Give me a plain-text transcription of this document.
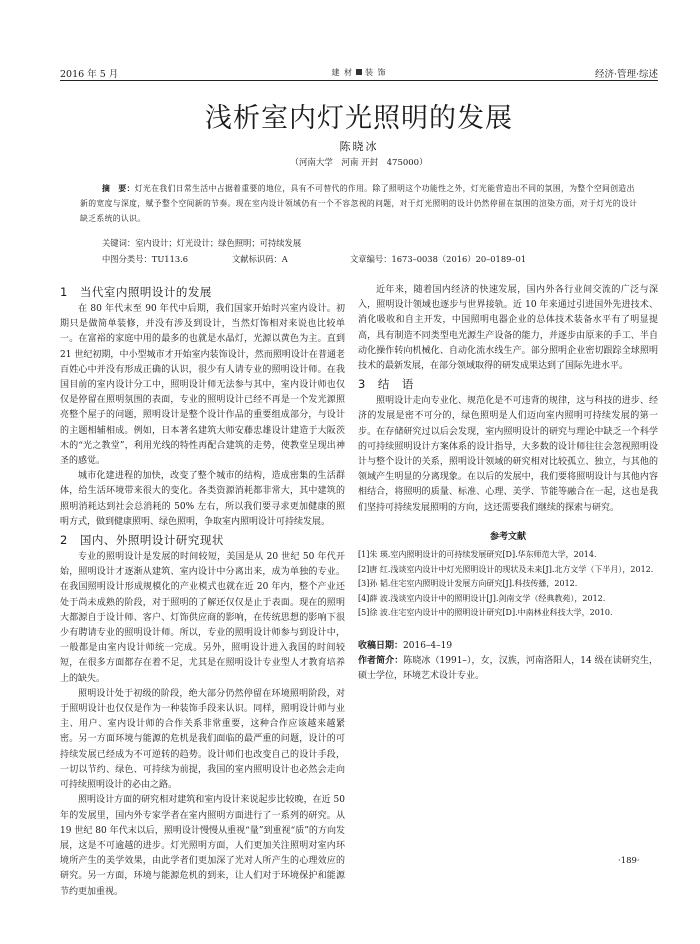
2016 年 5 月	建 材 装 饰	经济·管理·综述
浅析室内灯光照明的发展
陈晓冰
（河南大学　河南 开封　475000）
摘　要：灯光在我们日常生活中占据着重要的地位，具有不可替代的作用。除了照明这个功能性之外，灯光能营造出不同的氛围，为整个空间创造出新的宽度与深度，赋予整个空间新的节奏。现在室内设计领域仍有一个不容忽视的问题，对于灯光照明的设计仍然停留在氛围的渲染方面，对于灯光的设计缺乏系统的认识。
关键词：室内设计；灯光设计；绿色照明；可持续发展
中图分类号：TU113.6	文献标识码：A	文章编号：1673–0038（2016）20–0189–01
1　当代室内照明设计的发展

在 80 年代末至 90 年代中后期，我们国家开始时兴室内设计。初期只是做简单装修，并没有涉及到设计，当然灯饰相对来说也比较单一。在富裕的家庭中用的最多的也就是水晶灯，光源以黄色为主。直到 21 世纪初期，中小型城市才开始室内装饰设计，然而照明设计在普通老百姓心中并没有形成正确的认识，很少有人请专业的照明设计师。在我国目前的室内设计分工中，照明设计师无法参与其中，室内设计师也仅仅是停留在照明氛围的表面，专业的照明设计已经不再是一个发光源照亮整个屋子的问题，照明设计是整个设计作品的重要组成部分，与设计的主题相辅相成。例如，日本著名建筑大师安藤忠雄设计建造于大阪茨木的“光之教堂”，利用光线的特性再配合建筑的走势，使教堂呈现出神圣的感觉。

城市化建进程的加快，改变了整个城市的结构，造成密集的生活群体，给生活环境带来很大的变化。各类资源消耗都非常大，其中建筑的照明消耗达到社会总消耗的 50% 左右，所以我们要寻求更加健康的照明方式，做到健康照明、绿色照明，争取室内照明设计可持续发展。

2　国内、外照明设计研究现状

专业的照明设计是发展的时间较短，美国是从 20 世纪 50 年代开始，照明设计才逐渐从建筑、室内设计中分离出来，成为单独的专业。在我国照明设计形成规模化的产业模式也就在近 20 年内，整个产业还处于尚未成熟的阶段，对于照明的了解还仅仅是止于表面。现在的照明大都源自于设计师、客户、灯饰供应商的影响，在传统思想的影响下很少有聘请专业的照明设计师。所以，专业的照明设计师参与到设计中，一般都是由室内设计师统一完成。另外，照明设计进入我国的时间较短，在很多方面都存在着不足，尤其是在照明设计专业型人才教育培养上的缺失。

照明设计处于初级的阶段，绝大部分仍然停留在环境照明阶段，对于照明设计也仅仅是作为一种装饰手段来认识。同样，照明设计师与业主、用户、室内设计师的合作关系非常重要，这种合作应该越来越紧密。另一方面环境与能源的危机是我们面临的最严重的问题，设计的可持续发展已经成为不可逆转的趋势。设计师们也改变自己的设计手段，一切以节约、绿色、可持续为前提，我国的室内照明设计也必然会走向可持续照明设计的必由之路。

照明设计方面的研究相对建筑和室内设计来说起步比较晚，在近 50 年的发展里，国内外专家学者在室内照明方面进行了一系列的研究。从 19 世纪 80 年代末以后，照明设计慢慢从重视“量”到重视“质”的方向发展，这是不可逾越的进步。灯光照明方面，人们更加关注照明对室内环境所产生的美学效果，由此学者们更加深了光对人所产生的心理效应的研究。另一方面，环境与能源危机的到来，让人们对于环境保护和能源节约更加重视。

近年来，随着国内经济的快速发展，国内外各行业间交流的广泛与深入，照明设计领域也逐步与世界接轨。近 10 年来通过引进国外先进技术、消化吸收和自主开发，中国照明电器企业的总体技术装备水平有了明显提高，具有制造不同类型电光源生产设备的能力，并逐步由原来的手工、半自动化操作转向机械化、自动化流水线生产。部分照明企业密切跟踪全球照明技术的最新发展，在部分领域取得的研发成果达到了国际先进水平。

3　结　语

照明设计走向专业化、规范化是不可违背的规律，这与科技的进步、经济的发展是密不可分的，绿色照明是人们迈向室内照明可持续发展的第一步。在存储研究过以后会发现，室内照明设计的研究与理论中缺乏一个科学的可持续照明设计方案体系的设计指导，大多数的设计师往往会忽视照明设计与整个设计的关系，照明设计领域的研究相对比较孤立、独立，与其他的领域产生明显的分离现象。在以后的发展中，我们要将照明设计与其他内容相结合，将照明的质量、标准、心理、美学、节能等融合在一起，这也是我们坚持可持续发展照明的方向，这还需要我们继续的探索与研究。

参考文献
[1]朱 瑛.室内照明设计的可持续发展研究[D].华东师范大学，2014.
[2]唐 红.浅谈室内设计中灯光照明设计的现状及未来[J].北方文学（下半月），2012.
[3]孙 韬.住宅室内照明设计发展方向研究[J].科技传播，2012.
[4]薛 波.浅谈室内设计中的照明设计[J].剑南文学（经典教苑），2012.
[5]徐 波.住宅室内设计中的照明设计研究[D].中南林业科技大学，2010.
收稿日期：2016–4–19
作者简介：陈晓冰（1991–），女，汉族，河南洛阳人，14 级在读研究生，硕士学位，环境艺术设计专业。
·189·
